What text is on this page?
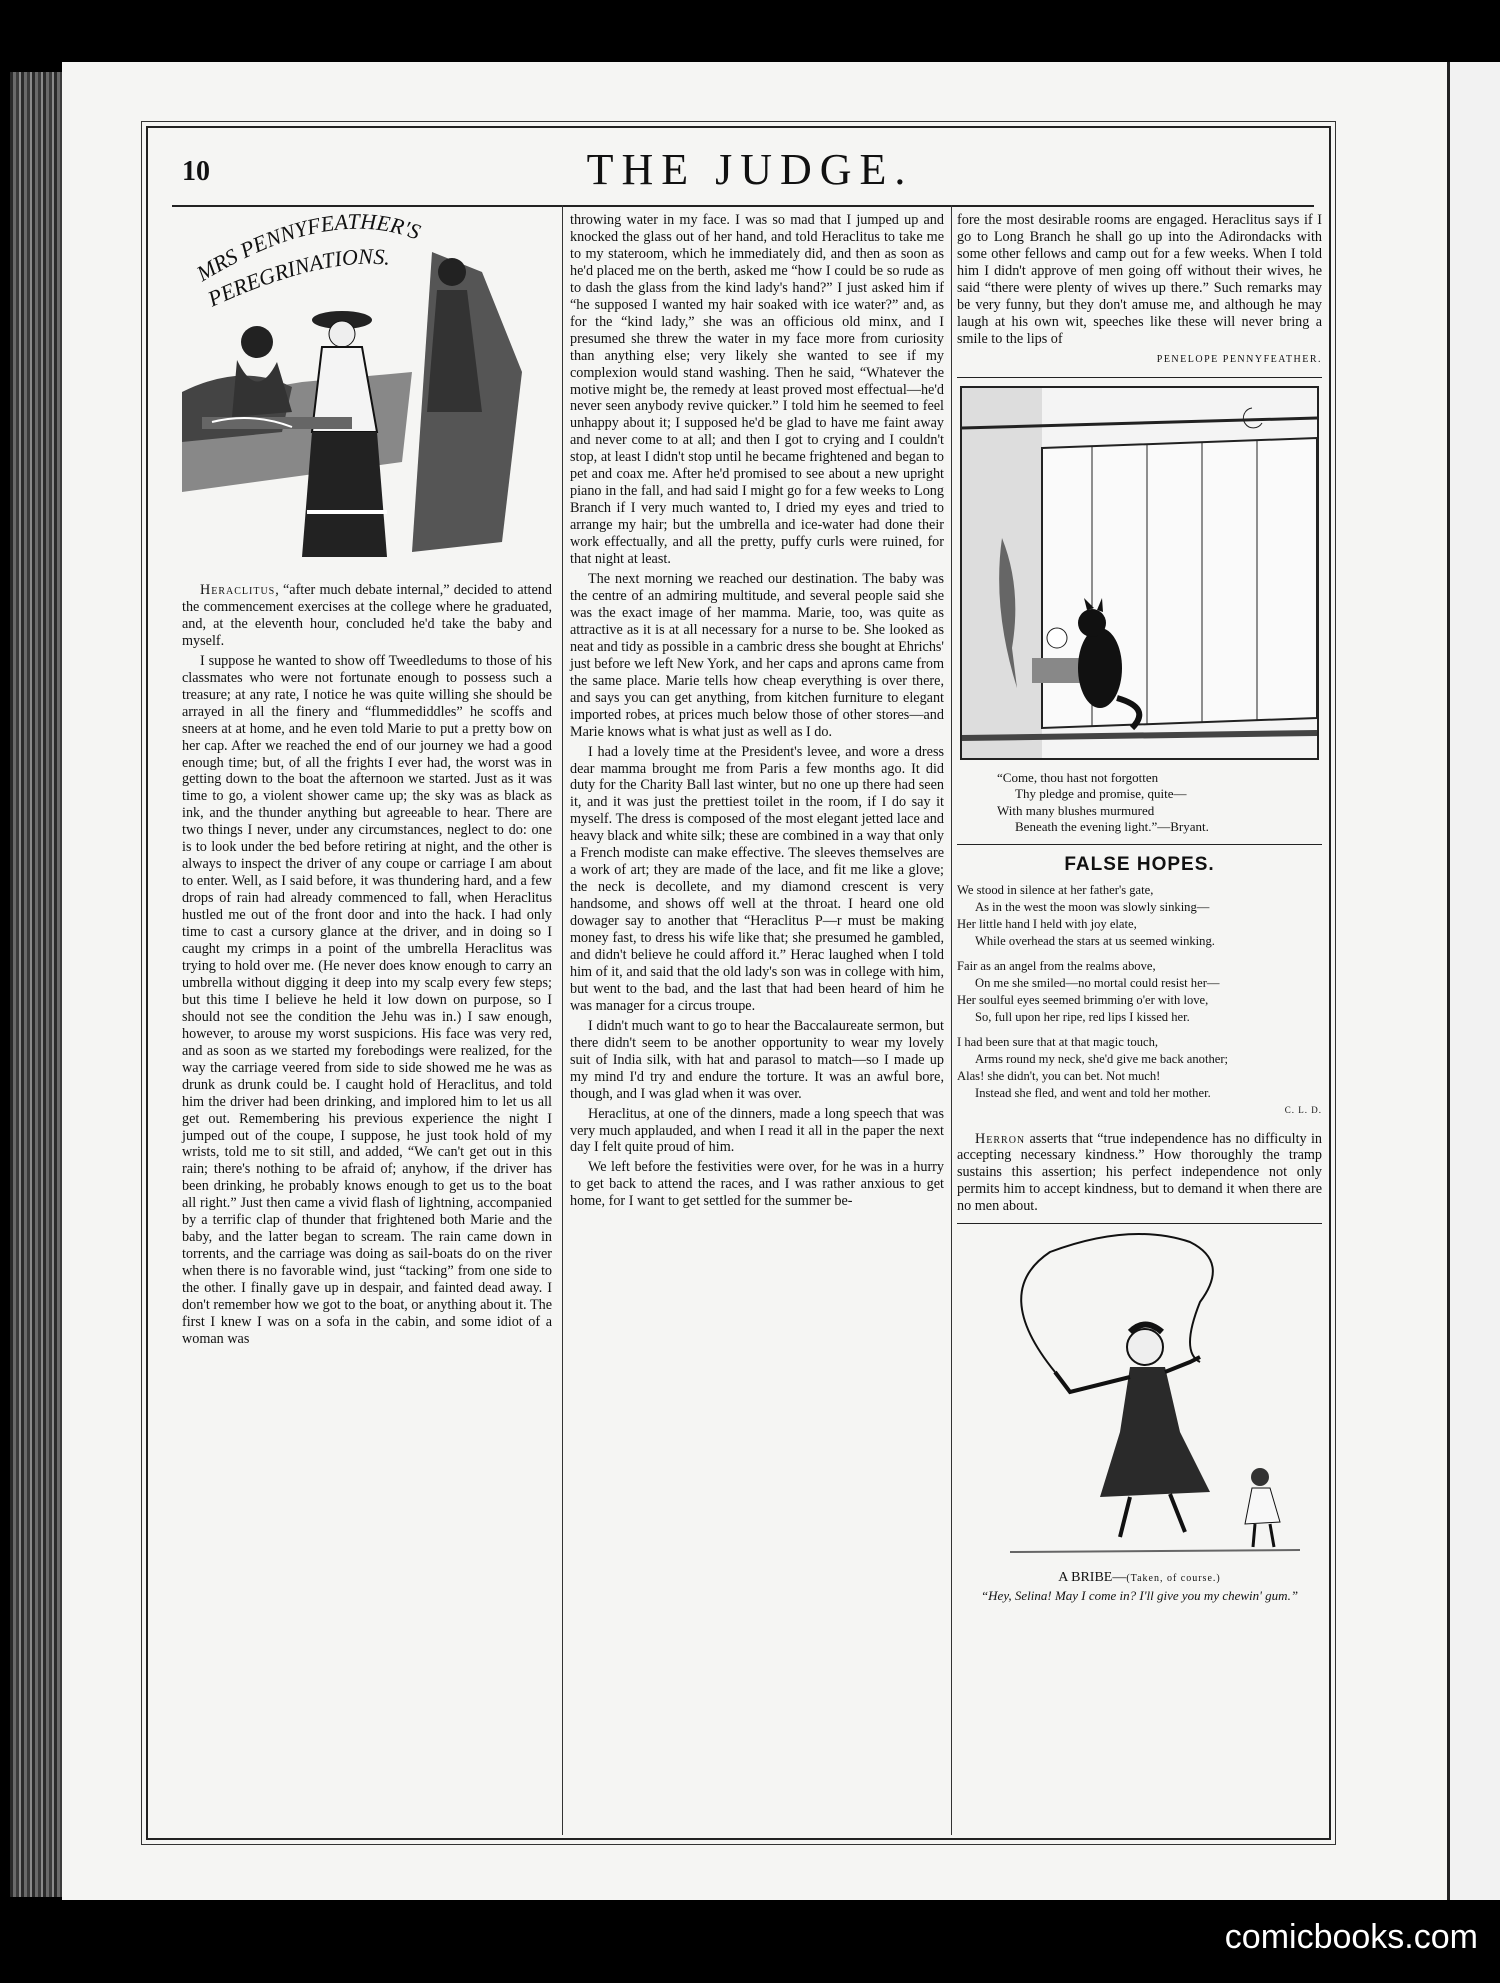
10	THE JUDGE.
MRS PENNYFEATHER'S
PEREGRINATIONS.

Heraclitus, “after much debate internal,” decided to attend the commencement exercises at the college where he graduated, and, at the eleventh hour, concluded he'd take the baby and myself.

I suppose he wanted to show off Tweedledums to those of his classmates who were not fortunate enough to possess such a treasure; at any rate, I notice he was quite willing she should be arrayed in all the finery and “flummediddles” he scoffs and sneers at at home, and he even told Marie to put a pretty bow on her cap. After we reached the end of our journey we had a good enough time; but, of all the frights I ever had, the worst was in getting down to the boat the afternoon we started. Just as it was time to go, a violent shower came up; the sky was as black as ink, and the thunder anything but agreeable to hear. There are two things I never, under any circumstances, neglect to do: one is to look under the bed before retiring at night, and the other is always to inspect the driver of any coupe or carriage I am about to enter. Well, as I said before, it was thundering hard, and a few drops of rain had already commenced to fall, when Heraclitus hustled me out of the front door and into the hack. I had only time to cast a cursory glance at the driver, and in doing so I caught my crimps in a point of the umbrella Heraclitus was trying to hold over me. (He never does know enough to carry an umbrella without digging it deep into my scalp every few steps; but this time I believe he held it low down on purpose, so I should not see the condition the Jehu was in.) I saw enough, however, to arouse my worst suspicions. His face was very red, and as soon as we started my forebodings were realized, for the way the carriage veered from side to side showed me he was as drunk as drunk could be. I caught hold of Heraclitus, and told him the driver had been drinking, and implored him to let us all get out. Remembering his previous experience the night I jumped out of the coupe, I suppose, he just took hold of my wrists, told me to sit still, and added, “We can't get out in this rain; there's nothing to be afraid of; anyhow, if the driver has been drinking, he probably knows enough to get us to the boat all right.” Just then came a vivid flash of lightning, accompanied by a terrific clap of thunder that frightened both Marie and the baby, and the latter began to scream. The rain came down in torrents, and the carriage was doing as sail-boats do on the river when there is no favorable wind, just “tacking” from one side to the other. I finally gave up in despair, and fainted dead away. I don't remember how we got to the boat, or anything about it. The first I knew I was on a sofa in the cabin, and some idiot of a woman was

throwing water in my face. I was so mad that I jumped up and knocked the glass out of her hand, and told Heraclitus to take me to my stateroom, which he immediately did, and then as soon as he'd placed me on the berth, asked me “how I could be so rude as to dash the glass from the kind lady's hand?” I just asked him if “he supposed I wanted my hair soaked with ice water?” and, as for the “kind lady,” she was an officious old minx, and I presumed she threw the water in my face more from curiosity than anything else; very likely she wanted to see if my complexion would stand washing. Then he said, “Whatever the motive might be, the remedy at least proved most effectual—he'd never seen anybody revive quicker.” I told him he seemed to feel unhappy about it; I supposed he'd be glad to have me faint away and never come to at all; and then I got to crying and I couldn't stop, at least I didn't stop until he became frightened and began to pet and coax me. After he'd promised to see about a new upright piano in the fall, and had said I might go for a few weeks to Long Branch if I very much wanted to, I dried my eyes and tried to arrange my hair; but the umbrella and ice-water had done their work effectually, and all the pretty, puffy curls were ruined, for that night at least.

The next morning we reached our destination. The baby was the centre of an admiring multitude, and several people said she was the exact image of her mamma. Marie, too, was quite as attractive as it is at all necessary for a nurse to be. She looked as neat and tidy as possible in a cambric dress she bought at Ehrichs' just before we left New York, and her caps and aprons came from the same place. Marie tells how cheap everything is over there, and says you can get anything, from kitchen furniture to elegant imported robes, at prices much below those of other stores—and Marie knows what is what just as well as I do.

I had a lovely time at the President's levee, and wore a dress dear mamma brought me from Paris a few months ago. It did duty for the Charity Ball last winter, but no one up there had seen it, and it was just the prettiest toilet in the room, if I do say it myself. The dress is composed of the most elegant jetted lace and heavy black and white silk; these are combined in a way that only a French modiste can make effective. The sleeves themselves are a work of art; they are made of the lace, and fit me like a glove; the neck is decollete, and my diamond crescent is very handsome, and shows off well at the throat. I heard one old dowager say to another that “Heraclitus P—r must be making money fast, to dress his wife like that; she presumed he gambled, and didn't believe he could afford it.” Herac laughed when I told him of it, and said that the old lady's son was in college with him, but went to the bad, and the last that had been heard of him he was manager for a circus troupe.

I didn't much want to go to hear the Baccalaureate sermon, but there didn't seem to be another opportunity to wear my lovely suit of India silk, with hat and parasol to match—so I made up my mind I'd try and endure the torture. It was an awful bore, though, and I was glad when it was over.

Heraclitus, at one of the dinners, made a long speech that was very much applauded, and when I read it all in the paper the next day I felt quite proud of him.

We left before the festivities were over, for he was in a hurry to get back to attend the races, and I was rather anxious to get home, for I want to get settled for the summer be-

fore the most desirable rooms are engaged. Heraclitus says if I go to Long Branch he shall go up into the Adirondacks with some other fellows and camp out for a few weeks. When I told him I didn't approve of men going off without their wives, he said “there were plenty of wives up there.” Such remarks may be very funny, but they don't amuse me, and although he may laugh at his own wit, speeches like these will never bring a smile to the lips of

PENELOPE PENNYFEATHER.
“Come, thou hast not forgotten
Thy pledge and promise, quite—
With many blushes murmured
Beneath the evening light.”—Bryant.
FALSE HOPES.
We stood in silence at her father's gate,
As in the west the moon was slowly sinking—
Her little hand I held with joy elate,
While overhead the stars at us seemed winking.
Fair as an angel from the realms above,
On me she smiled—no mortal could resist her—
Her soulful eyes seemed brimming o'er with love,
So, full upon her ripe, red lips I kissed her.
I had been sure that at that magic touch,
Arms round my neck, she'd give me back another;
Alas! she didn't, you can bet. Not much!
Instead she fled, and went and told her mother.
C. L. D.

Herron asserts that “true independence has no difficulty in accepting necessary kindness.” How thoroughly the tramp sustains this assertion; his perfect independence not only permits him to accept kindness, but to demand it when there are no men about.

A BRIBE—(Taken, of course.)
“Hey, Selina! May I come in? I'll give you my chewin' gum.”
comicbooks.com
